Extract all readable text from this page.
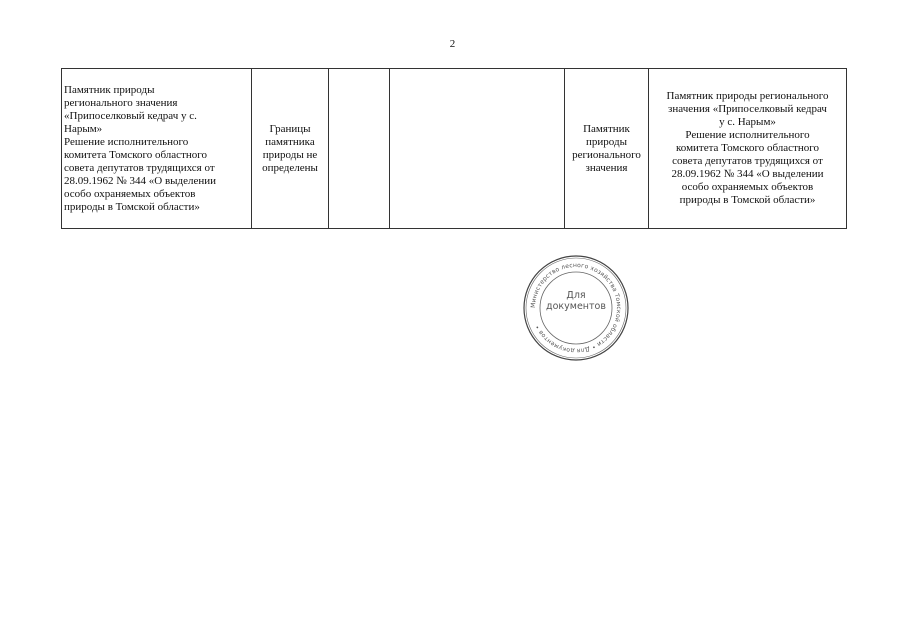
2
Памятник природы
регионального значения
«Припоселковый кедрач у с.
Нарым»
Решение исполнительного
комитета Томского областного
совета депутатов трудящихся от
28.09.1962 № 344 «О выделении
особо охраняемых объектов
природы в Томской области»	Границы
памятника
природы не
определены			Памятник
природы
регионального
значения	Памятник природы регионального
значения «Припоселковый кедрач
у с. Нарым»
Решение исполнительного
комитета Томского областного
совета депутатов трудящихся от
28.09.1962 № 344 «О выделении
особо охраняемых объектов
природы в Томской области»
Министерство лесного хозяйства Томской области • Для документов •
Для
документов
